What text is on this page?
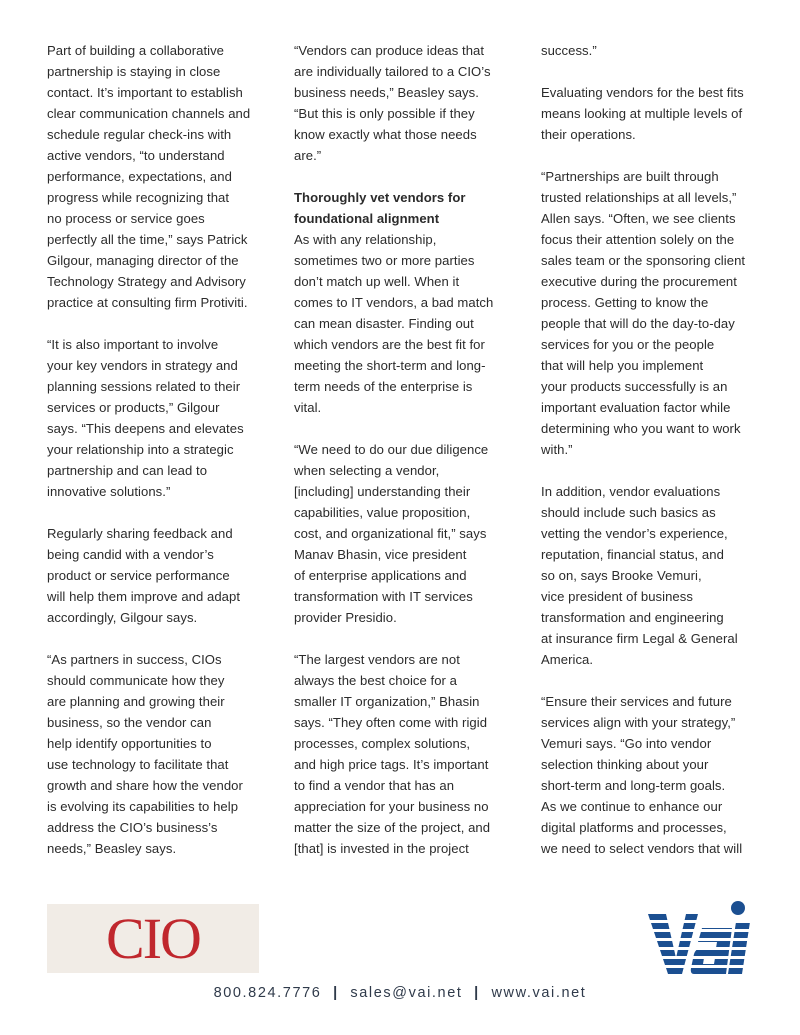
Part of building a collaborative
partnership is staying in close
contact. It’s important to establish
clear communication channels and
schedule regular check-ins with
active vendors, “to understand
performance, expectations, and
progress while recognizing that
no process or service goes
perfectly all the time,” says Patrick
Gilgour, managing director of the
Technology Strategy and Advisory
practice at consulting firm Protiviti.

“It is also important to involve
your key vendors in strategy and
planning sessions related to their
services or products,” Gilgour
says. “This deepens and elevates
your relationship into a strategic
partnership and can lead to
innovative solutions.”

Regularly sharing feedback and
being candid with a vendor’s
product or service performance
will help them improve and adapt
accordingly, Gilgour says.

“As partners in success, CIOs
should communicate how they
are planning and growing their
business, so the vendor can
help identify opportunities to
use technology to facilitate that
growth and share how the vendor
is evolving its capabilities to help
address the CIO’s business’s
needs,” Beasley says.

“Vendors can produce ideas that
are individually tailored to a CIO’s
business needs,” Beasley says.
“But this is only possible if they
know exactly what those needs
are.”

Thoroughly vet vendors for
foundational alignment

As with any relationship,
sometimes two or more parties
don’t match up well. When it
comes to IT vendors, a bad match
can mean disaster. Finding out
which vendors are the best fit for
meeting the short-term and long-
term needs of the enterprise is
vital.

“We need to do our due diligence
when selecting a vendor,
[including] understanding their
capabilities, value proposition,
cost, and organizational fit,” says
Manav Bhasin, vice president
of enterprise applications and
transformation with IT services
provider Presidio.

“The largest vendors are not
always the best choice for a
smaller IT organization,” Bhasin
says. “They often come with rigid
processes, complex solutions,
and high price tags. It’s important
to find a vendor that has an
appreciation for your business no
matter the size of the project, and
[that] is invested in the project

success.”

Evaluating vendors for the best fits
means looking at multiple levels of
their operations.

“Partnerships are built through
trusted relationships at all levels,”
Allen says. “Often, we see clients
focus their attention solely on the
sales team or the sponsoring client
executive during the procurement
process. Getting to know the
people that will do the day-to-day
services for you or the people
that will help you implement
your products successfully is an
important evaluation factor while
determining who you want to work
with.”

In addition, vendor evaluations
should include such basics as
vetting the vendor’s experience,
reputation, financial status, and
so on, says Brooke Vemuri,
vice president of business
transformation and engineering
at insurance firm Legal & General
America.

“Ensure their services and future
services align with your strategy,”
Vemuri says. “Go into vendor
selection thinking about your
short-term and long-term goals.
As we continue to enhance our
digital platforms and processes,
we need to select vendors that will

CIO
800.824.7776 | sales@vai.net | www.vai.net
